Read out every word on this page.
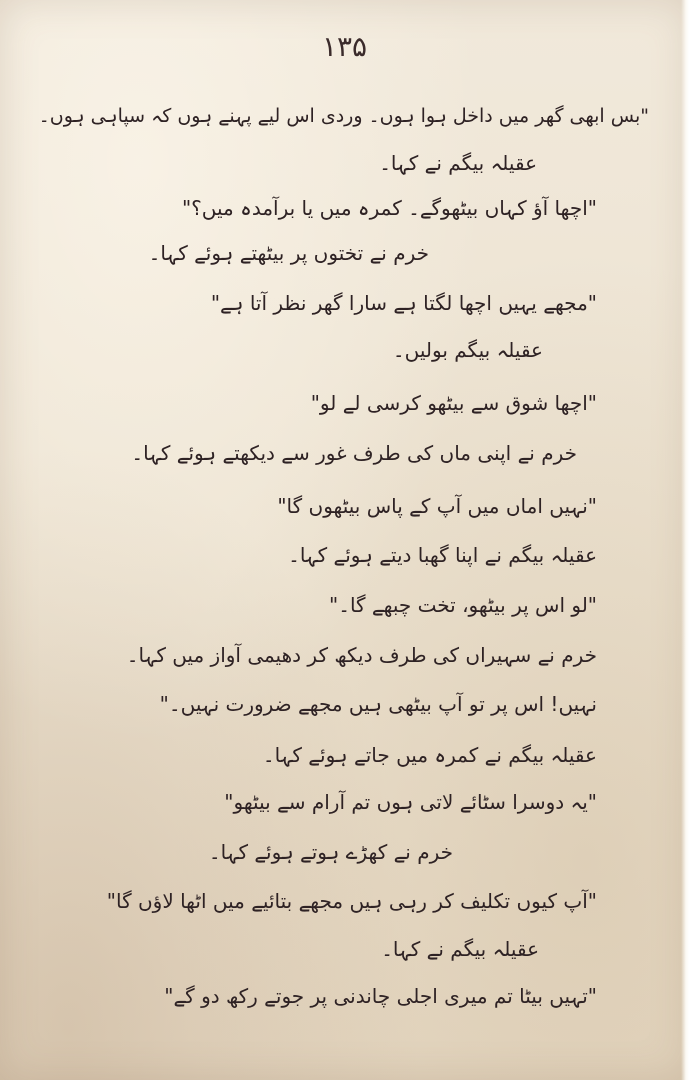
۱۳۵
"بس ابھی گھر میں داخل ہوا ہوں۔ وردی اس لیے پہنے ہوں کہ سپاہی ہوں۔
عقیلہ بیگم نے کہا۔
"اچھا آؤ کہاں بیٹھوگے۔ کمرہ میں یا برآمدہ میں؟"
خرم نے تختوں پر بیٹھتے ہوئے کہا۔
"مجھے یہیں اچھا لگتا ہے سارا گھر نظر آتا ہے"
عقیلہ بیگم بولیں۔
"اچھا شوق سے بیٹھو کرسی لے لو"
خرم نے اپنی ماں کی طرف غور سے دیکھتے ہوئے کہا۔
"نہیں اماں میں آپ کے پاس بیٹھوں گا"
عقیلہ بیگم نے اپنا گھبا دیتے ہوئے کہا۔
"لو اس پر بیٹھو، تخت چبھے گا۔"
خرم نے سہیراں کی طرف دیکھ کر دھیمی آواز میں کہا۔
نہیں! اس پر تو آپ بیٹھی ہیں مجھے ضرورت نہیں۔"
عقیلہ بیگم نے کمرہ میں جاتے ہوئے کہا۔
"یہ دوسرا سٹائے لاتی ہوں تم آرام سے بیٹھو"
خرم نے کھڑے ہوتے ہوئے کہا۔
"آپ کیوں تکلیف کر رہی ہیں مجھے بتائیے میں اٹھا لاؤں گا"
عقیلہ بیگم نے کہا۔
"تہیں بیٹا تم میری اجلی چاندنی پر جوتے رکھ دو گے"
